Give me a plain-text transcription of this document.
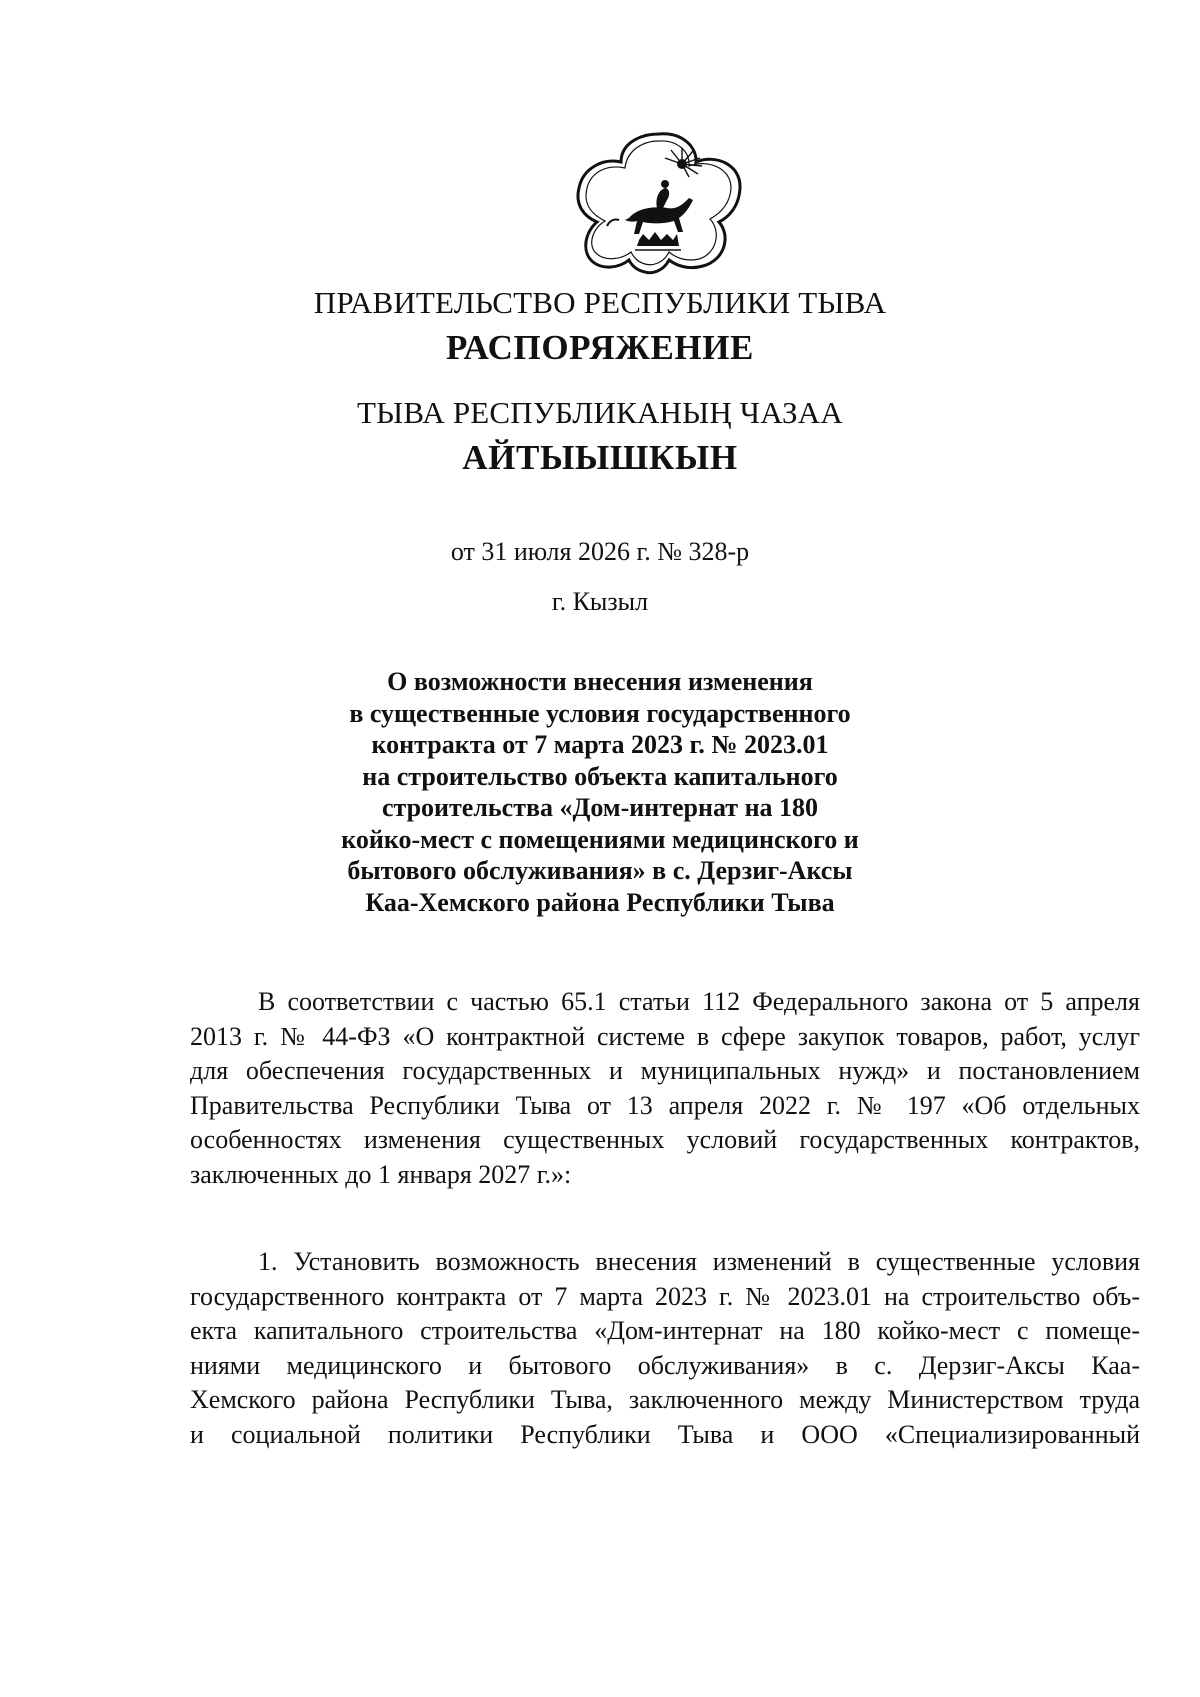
ПРАВИТЕЛЬСТВО РЕСПУБЛИКИ ТЫВА
РАСПОРЯЖЕНИЕ
ТЫВА РЕСПУБЛИКАНЫҢ ЧАЗАА
АЙТЫЫШКЫН
от 31 июля 2026 г. № 328-р
г. Кызыл
О возможности внесения изменения
в существенные условия государственного
контракта от 7 марта 2023 г. № 2023.01
на строительство объекта капитального
строительства «Дом-интернат на 180
койко-мест с помещениями медицинского и
бытового обслуживания» в с. Дерзиг-Аксы
Каа-Хемского района Республики Тыва
В соответствии с частью 65.1 статьи 112 Федерального закона от 5 апреля
2013 г. № 44-ФЗ «О контрактной системе в сфере закупок товаров, работ, услуг
для обеспечения государственных и муниципальных нужд» и постановлением
Правительства Республики Тыва от 13 апреля 2022 г. № 197 «Об отдельных
особенностях изменения существенных условий государственных контрактов,
заключенных до 1 января 2027 г.»:
1. Установить возможность внесения изменений в существенные условия
государственного контракта от 7 марта 2023 г. № 2023.01 на строительство объ-
екта капитального строительства «Дом-интернат на 180 койко-мест с помеще-
ниями медицинского и бытового обслуживания» в с. Дерзиг-Аксы Каа-
Хемского района Республики Тыва, заключенного между Министерством труда
и социальной политики Республики Тыва и ООО «Специализированный
